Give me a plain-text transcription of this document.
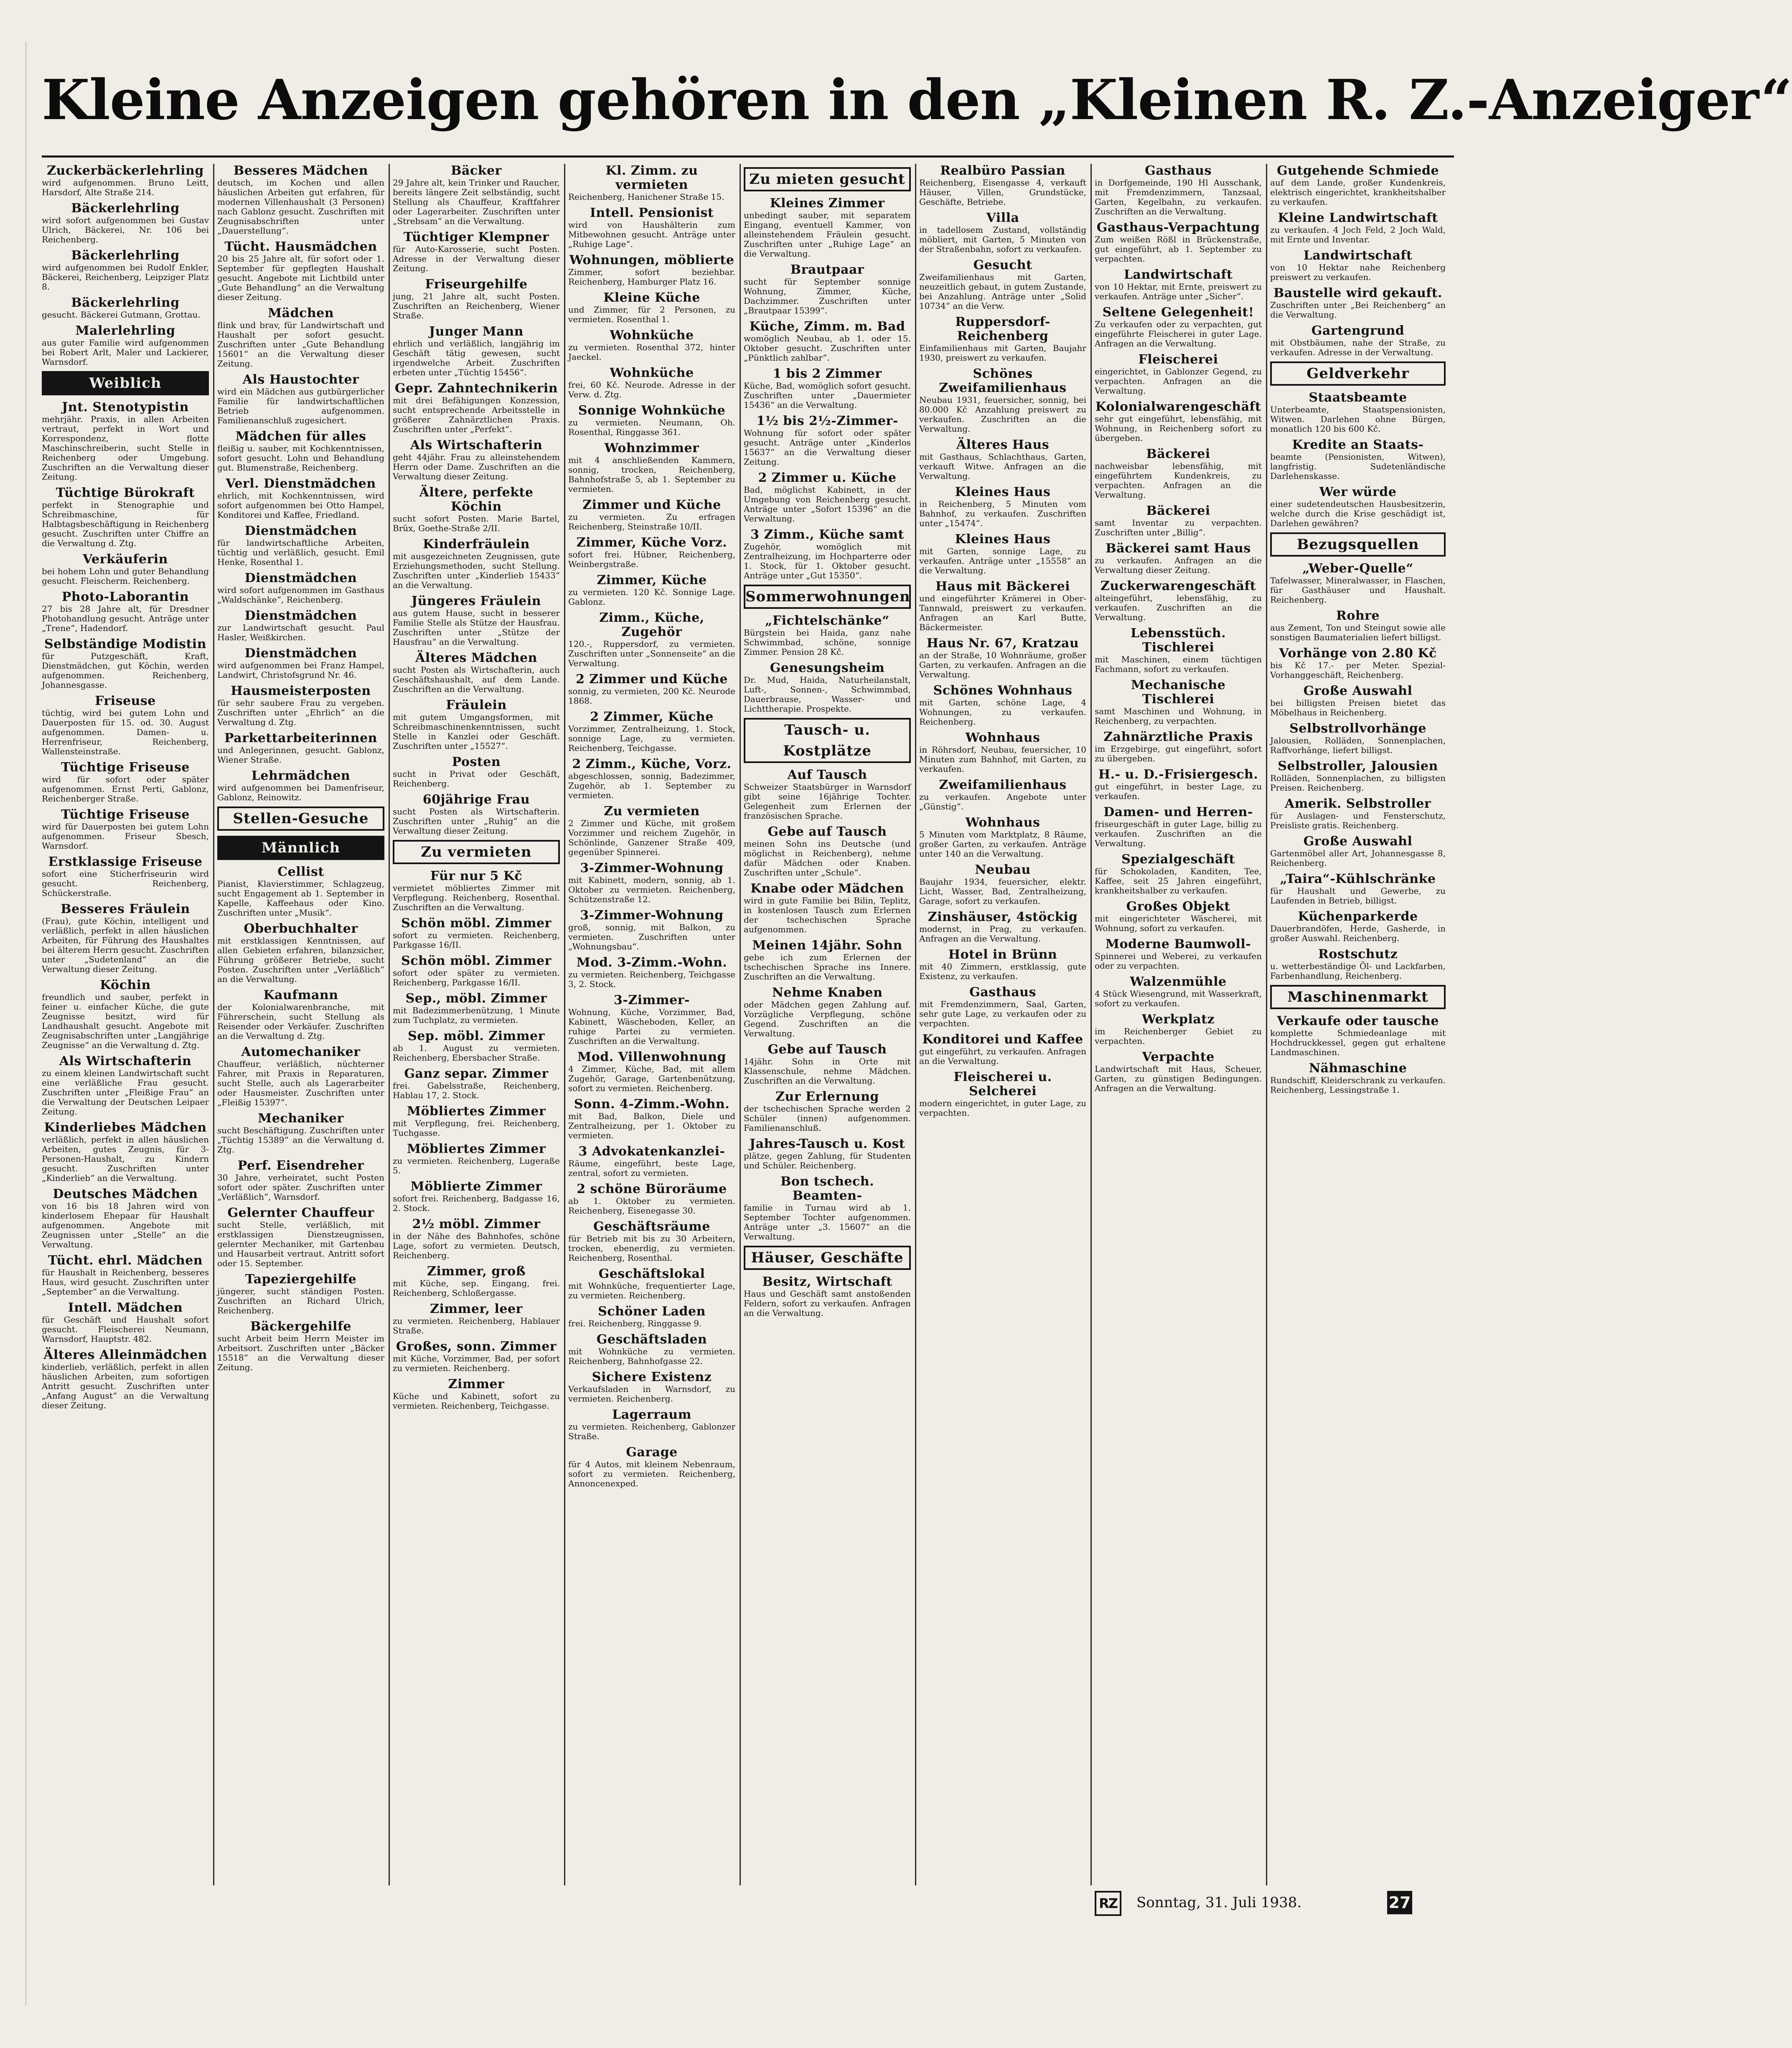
Kleine Anzeigen gehören in den „Kleinen R. Z.-Anzeiger“
Zuckerbäckerlehrling
wird aufgenommen. Bruno Leitt, Harsdorf, Alte Straße 214.
Bäckerlehrling
wird sofort aufgenommen bei Gustav Ulrich, Bäckerei, Nr. 106 bei Reichenberg.
Bäckerlehrling
wird aufgenommen bei Rudolf Enkler, Bäckerei, Reichenberg, Leipziger Platz 8.
Bäckerlehrling
gesucht. Bäckerei Gutmann, Grottau.
Malerlehrling
aus guter Familie wird aufgenommen bei Robert Arlt, Maler und Lackierer, Warnsdorf.
Weiblich
Jnt. Stenotypistin
mehrjähr. Praxis, in allen Arbeiten vertraut, perfekt in Wort und Korrespondenz, flotte Maschinschreiberin, sucht Stelle in Reichenberg oder Umgebung. Zuschriften an die Verwaltung dieser Zeitung.
Tüchtige Bürokraft
perfekt in Stenographie und Schreibmaschine, für Halbtagsbeschäftigung in Reichenberg gesucht. Zuschriften unter Chiffre an die Verwaltung d. Ztg.
Verkäuferin
bei hohem Lohn und guter Behandlung gesucht. Fleischerm. Reichenberg.
Photo-Laborantin
27 bis 28 Jahre alt, für Dresdner Photohandlung gesucht. Anträge unter „Trene“, Hadendorf.
Selbständige Modistin
für Putzgeschäft, Kraft, Dienstmädchen, gut Köchin, werden aufgenommen. Reichenberg, Johannesgasse.
Friseuse
tüchtig, wird bei gutem Lohn und Dauerposten für 15. od. 30. August aufgenommen. Damen- u. Herrenfriseur, Reichenberg, Wallensteinstraße.
Tüchtige Friseuse
wird für sofort oder später aufgenommen. Ernst Perti, Gablonz, Reichenberger Straße.
Tüchtige Friseuse
wird für Dauerposten bei gutem Lohn aufgenommen. Friseur Sbesch, Warnsdorf.
Erstklassige Friseuse
sofort eine Sticherfriseurin wird gesucht. Reichenberg, Schückerstraße.
Besseres Fräulein
(Frau), gute Köchin, intelligent und verläßlich, perfekt in allen häuslichen Arbeiten, für Führung des Haushaltes bei älterem Herrn gesucht. Zuschriften unter „Sudetenland“ an die Verwaltung dieser Zeitung.
Köchin
freundlich und sauber, perfekt in feiner u. einfacher Küche, die gute Zeugnisse besitzt, wird für Landhaushalt gesucht. Angebote mit Zeugnisabschriften unter „Langjährige Zeugnisse“ an die Verwaltung d. Ztg.
Als Wirtschafterin
zu einem kleinen Landwirtschaft sucht eine verläßliche Frau gesucht. Zuschriften unter „Fleißige Frau“ an die Verwaltung der Deutschen Leipaer Zeitung.
Kinderliebes Mädchen
verläßlich, perfekt in allen häuslichen Arbeiten, gutes Zeugnis, für 3-Personen-Haushalt, zu Kindern gesucht. Zuschriften unter „Kinderlieb“ an die Verwaltung.
Deutsches Mädchen
von 16 bis 18 Jahren wird von kinderlosem Ehepaar für Haushalt aufgenommen. Angebote mit Zeugnissen unter „Stelle“ an die Verwaltung.
Tücht. ehrl. Mädchen
für Haushalt in Reichenberg, besseres Haus, wird gesucht. Zuschriften unter „September“ an die Verwaltung.
Intell. Mädchen
für Geschäft und Haushalt sofort gesucht. Fleischerei Neumann, Warnsdorf, Hauptstr. 482.
Älteres Alleinmädchen
kinderlieb, verläßlich, perfekt in allen häuslichen Arbeiten, zum sofortigen Antritt gesucht. Zuschriften unter „Anfang August“ an die Verwaltung dieser Zeitung.
Besseres Mädchen
deutsch, im Kochen und allen häuslichen Arbeiten gut erfahren, für modernen Villenhaushalt (3 Personen) nach Gablonz gesucht. Zuschriften mit Zeugnisabschriften unter „Dauerstellung“.
Tücht. Hausmädchen
20 bis 25 Jahre alt, für sofort oder 1. September für gepflegten Haushalt gesucht. Angebote mit Lichtbild unter „Gute Behandlung“ an die Verwaltung dieser Zeitung.
Mädchen
flink und brav, für Landwirtschaft und Haushalt per sofort gesucht. Zuschriften unter „Gute Behandlung 15601“ an die Verwaltung dieser Zeitung.
Als Haustochter
wird ein Mädchen aus gutbürgerlicher Familie für landwirtschaftlichen Betrieb aufgenommen. Familienanschluß zugesichert.
Mädchen für alles
fleißig u. sauber, mit Kochkenntnissen, sofort gesucht. Lohn und Behandlung gut. Blumenstraße, Reichenberg.
Verl. Dienstmädchen
ehrlich, mit Kochkenntnissen, wird sofort aufgenommen bei Otto Hampel, Konditorei und Kaffee, Friedland.
Dienstmädchen
für landwirtschaftliche Arbeiten, tüchtig und verläßlich, gesucht. Emil Henke, Rosenthal 1.
Dienstmädchen
wird sofort aufgenommen im Gasthaus „Waldschänke“, Reichenberg.
Dienstmädchen
zur Landwirtschaft gesucht. Paul Hasler, Weißkirchen.
Dienstmädchen
wird aufgenommen bei Franz Hampel, Landwirt, Christofsgrund Nr. 46.
Hausmeisterposten
für sehr saubere Frau zu vergeben. Zuschriften unter „Ehrlich“ an die Verwaltung d. Ztg.
Parkettarbeiterinnen
und Anlegerinnen, gesucht. Gablonz, Wiener Straße.
Lehrmädchen
wird aufgenommen bei Damenfriseur, Gablonz, Reinowitz.
Stellen-Gesuche
Männlich
Cellist
Pianist, Klavierstimmer, Schlagzeug, sucht Engagement ab 1. September in Kapelle, Kaffeehaus oder Kino. Zuschriften unter „Musik“.
Oberbuchhalter
mit erstklassigen Kenntnissen, auf allen Gebieten erfahren, bilanzsicher, Führung größerer Betriebe, sucht Posten. Zuschriften unter „Verläßlich“ an die Verwaltung.
Kaufmann
der Kolonialwarenbranche, mit Führerschein, sucht Stellung als Reisender oder Verkäufer. Zuschriften an die Verwaltung d. Ztg.
Automechaniker
Chauffeur, verläßlich, nüchterner Fahrer, mit Praxis in Reparaturen, sucht Stelle, auch als Lagerarbeiter oder Hausmeister. Zuschriften unter „Fleißig 15397“.
Mechaniker
sucht Beschäftigung. Zuschriften unter „Tüchtig 15389“ an die Verwaltung d. Ztg.
Perf. Eisendreher
30 Jahre, verheiratet, sucht Posten sofort oder später. Zuschriften unter „Verläßlich“, Warnsdorf.
Gelernter Chauffeur
sucht Stelle, verläßlich, mit erstklassigen Dienstzeugnissen, gelernter Mechaniker, mit Gartenbau und Hausarbeit vertraut. Antritt sofort oder 15. September.
Tapeziergehilfe
jüngerer, sucht ständigen Posten. Zuschriften an Richard Ulrich, Reichenberg.
Bäckergehilfe
sucht Arbeit beim Herrn Meister im Arbeitsort. Zuschriften unter „Bäcker 15518“ an die Verwaltung dieser Zeitung.
Bäcker
29 Jahre alt, kein Trinker und Raucher, bereits längere Zeit selbständig, sucht Stellung als Chauffeur, Kraftfahrer oder Lagerarbeiter. Zuschriften unter „Strebsam“ an die Verwaltung.
Tüchtiger Klempner
für Auto-Karosserie, sucht Posten. Adresse in der Verwaltung dieser Zeitung.
Friseurgehilfe
jung, 21 Jahre alt, sucht Posten. Zuschriften an Reichenberg, Wiener Straße.
Junger Mann
ehrlich und verläßlich, langjährig im Geschäft tätig gewesen, sucht irgendwelche Arbeit. Zuschriften erbeten unter „Tüchtig 15456“.
Gepr. Zahntechnikerin
mit drei Befähigungen Konzession, sucht entsprechende Arbeitsstelle in größerer Zahnärztlichen Praxis. Zuschriften unter „Perfekt“.
Als Wirtschafterin
geht 44jähr. Frau zu alleinstehendem Herrn oder Dame. Zuschriften an die Verwaltung dieser Zeitung.
Ältere, perfekte Köchin
sucht sofort Posten. Marie Bartel, Brüx, Goethe-Straße 2/II.
Kinderfräulein
mit ausgezeichneten Zeugnissen, gute Erziehungsmethoden, sucht Stellung. Zuschriften unter „Kinderlieb 15433“ an die Verwaltung.
Jüngeres Fräulein
aus gutem Hause, sucht in besserer Familie Stelle als Stütze der Hausfrau. Zuschriften unter „Stütze der Hausfrau“ an die Verwaltung.
Älteres Mädchen
sucht Posten als Wirtschafterin, auch Geschäftshaushalt, auf dem Lande. Zuschriften an die Verwaltung.
Fräulein
mit gutem Umgangsformen, mit Schreibmaschinenkenntnissen, sucht Stelle in Kanzlei oder Geschäft. Zuschriften unter „15527“.
Posten
sucht in Privat oder Geschäft, Reichenberg.
60jährige Frau
sucht Posten als Wirtschafterin. Zuschriften unter „Ruhig“ an die Verwaltung dieser Zeitung.
Zu vermieten
Für nur 5 Kč
vermietet möbliertes Zimmer mit Verpflegung. Reichenberg, Rosenthal. Zuschriften an die Verwaltung.
Schön möbl. Zimmer
sofort zu vermieten. Reichenberg, Parkgasse 16/II.
Schön möbl. Zimmer
sofort oder später zu vermieten. Reichenberg, Parkgasse 16/II.
Sep., möbl. Zimmer
mit Badezimmerbenützung, 1 Minute zum Tuchplatz, zu vermieten.
Sep. möbl. Zimmer
ab 1. August zu vermieten. Reichenberg, Ebersbacher Straße.
Ganz separ. Zimmer
frei. Gabelsstraße, Reichenberg, Hablau 17, 2. Stock.
Möbliertes Zimmer
mit Verpflegung, frei. Reichenberg, Tuchgasse.
Möbliertes Zimmer
zu vermieten. Reichenberg, Lugeraße 5.
Möblierte Zimmer
sofort frei. Reichenberg, Badgasse 16, 2. Stock.
2½ möbl. Zimmer
in der Nähe des Bahnhofes, schöne Lage, sofort zu vermieten. Deutsch, Reichenberg.
Zimmer, groß
mit Küche, sep. Eingang, frei. Reichenberg, Schloßergasse.
Zimmer, leer
zu vermieten. Reichenberg, Hablauer Straße.
Großes, sonn. Zimmer
mit Küche, Vorzimmer, Bad, per sofort zu vermieten. Reichenberg.
Zimmer
Küche und Kabinett, sofort zu vermieten. Reichenberg, Teichgasse.
Kl. Zimm. zu vermieten
Reichenberg, Hanichener Straße 15.
Intell. Pensionist
wird von Haushälterin zum Mitbewohnen gesucht. Anträge unter „Ruhige Lage“.
Wohnungen, möblierte
Zimmer, sofort beziehbar. Reichenberg, Hamburger Platz 16.
Kleine Küche
und Zimmer, für 2 Personen, zu vermieten. Rosenthal 1.
Wohnküche
zu vermieten. Rosenthal 372, hinter Jaeckel.
Wohnküche
frei, 60 Kč. Neurode. Adresse in der Verw. d. Ztg.
Sonnige Wohnküche
zu vermieten. Neumann, Oh. Rosenthal, Ringgasse 361.
Wohnzimmer
mit 4 anschließenden Kammern, sonnig, trocken, Reichenberg, Bahnhofstraße 5, ab 1. September zu vermieten.
Zimmer und Küche
zu vermieten. Zu erfragen Reichenberg, Steinstraße 10/II.
Zimmer, Küche Vorz.
sofort frei. Hübner, Reichenberg, Weinbergstraße.
Zimmer, Küche
zu vermieten. 120 Kč. Sonnige Lage. Gablonz.
Zimm., Küche, Zugehör
120.-, Ruppersdorf, zu vermieten. Zuschriften unter „Sonnenseite“ an die Verwaltung.
2 Zimmer und Küche
sonnig, zu vermieten, 200 Kč. Neurode 1868.
2 Zimmer, Küche
Vorzimmer, Zentralheizung, 1. Stock, sonnige Lage, zu vermieten. Reichenberg, Teichgasse.
2 Zimm., Küche, Vorz.
abgeschlossen, sonnig, Badezimmer, Zugehör, ab 1. September zu vermieten.
Zu vermieten
2 Zimmer und Küche, mit großem Vorzimmer und reichem Zugehör, in Schönlinde, Ganzener Straße 409, gegenüber Spinnerei.
3-Zimmer-Wohnung
mit Kabinett, modern, sonnig, ab 1. Oktober zu vermieten. Reichenberg, Schützenstraße 12.
3-Zimmer-Wohnung
groß, sonnig, mit Balkon, zu vermieten. Zuschriften unter „Wohnungsbau“.
Mod. 3-Zimm.-Wohn.
zu vermieten. Reichenberg, Teichgasse 3, 2. Stock.
3-Zimmer-
Wohnung, Küche, Vorzimmer, Bad, Kabinett, Wäscheboden, Keller, an ruhige Partei zu vermieten. Zuschriften an die Verwaltung.
Mod. Villenwohnung
4 Zimmer, Küche, Bad, mit allem Zugehör, Garage, Gartenbenützung, sofort zu vermieten. Reichenberg.
Sonn. 4-Zimm.-Wohn.
mit Bad, Balkon, Diele und Zentralheizung, per 1. Oktober zu vermieten.
3 Advokatenkanzlei-
Räume, eingeführt, beste Lage, zentral, sofort zu vermieten.
2 schöne Büroräume
ab 1. Oktober zu vermieten. Reichenberg, Eisenegasse 30.
Geschäftsräume
für Betrieb mit bis zu 30 Arbeitern, trocken, ebenerdig, zu vermieten. Reichenberg, Rosenthal.
Geschäftslokal
mit Wohnküche, frequentierter Lage, zu vermieten. Reichenberg.
Schöner Laden
frei. Reichenberg, Ringgasse 9.
Geschäftsladen
mit Wohnküche zu vermieten. Reichenberg, Bahnhofgasse 22.
Sichere Existenz
Verkaufsladen in Warnsdorf, zu vermieten. Reichenberg.
Lagerraum
zu vermieten. Reichenberg, Gablonzer Straße.
Garage
für 4 Autos, mit kleinem Nebenraum, sofort zu vermieten. Reichenberg, Annoncenexped.
Zu mieten gesucht
Kleines Zimmer
unbedingt sauber, mit separatem Eingang, eventuell Kammer, von alleinstehendem Fräulein gesucht. Zuschriften unter „Ruhige Lage“ an die Verwaltung.
Brautpaar
sucht für September sonnige Wohnung, Zimmer, Küche, Dachzimmer. Zuschriften unter „Brautpaar 15399“.
Küche, Zimm. m. Bad
womöglich Neubau, ab 1. oder 15. Oktober gesucht. Zuschriften unter „Pünktlich zahlbar“.
1 bis 2 Zimmer
Küche, Bad, womöglich sofort gesucht. Zuschriften unter „Dauermieter 15436“ an die Verwaltung.
1½ bis 2½-Zimmer-
Wohnung für sofort oder später gesucht. Anträge unter „Kinderlos 15637“ an die Verwaltung dieser Zeitung.
2 Zimmer u. Küche
Bad, möglichst Kabinett, in der Umgebung von Reichenberg gesucht. Anträge unter „Sofort 15396“ an die Verwaltung.
3 Zimm., Küche samt
Zugehör, womöglich mit Zentralheizung, im Hochparterre oder 1. Stock, für 1. Oktober gesucht. Anträge unter „Gut 15350“.
Sommerwohnungen
„Fichtelschänke“
Bürgstein bei Haida, ganz nahe Schwimmbad, schöne, sonnige Zimmer. Pension 28 Kč.
Genesungsheim
Dr. Mud, Haida, Naturheilanstalt, Luft-, Sonnen-, Schwimmbad, Dauerbrause, Wasser- und Lichttherapie. Prospekte.
Tausch- u. Kostplätze
Auf Tausch
Schweizer Staatsbürger in Warnsdorf gibt seine 16jährige Tochter. Gelegenheit zum Erlernen der französischen Sprache.
Gebe auf Tausch
meinen Sohn ins Deutsche (und möglichst in Reichenberg), nehme dafür Mädchen oder Knaben. Zuschriften unter „Schule“.
Knabe oder Mädchen
wird in gute Familie bei Bilin, Teplitz, in kostenlosen Tausch zum Erlernen der tschechischen Sprache aufgenommen.
Meinen 14jähr. Sohn
gebe ich zum Erlernen der tschechischen Sprache ins Innere. Zuschriften an die Verwaltung.
Nehme Knaben
oder Mädchen gegen Zahlung auf. Vorzügliche Verpflegung, schöne Gegend. Zuschriften an die Verwaltung.
Gebe auf Tausch
14jähr. Sohn in Orte mit Klassenschule, nehme Mädchen. Zuschriften an die Verwaltung.
Zur Erlernung
der tschechischen Sprache werden 2 Schüler (innen) aufgenommen. Familienanschluß.
Jahres-Tausch u. Kost
plätze, gegen Zahlung, für Studenten und Schüler. Reichenberg.
Bon tschech. Beamten-
familie in Turnau wird ab 1. September Tochter aufgenommen. Anträge unter „3. 15607“ an die Verwaltung.
Häuser, Geschäfte
Besitz, Wirtschaft
Haus und Geschäft samt anstoßenden Feldern, sofort zu verkaufen. Anfragen an die Verwaltung.
Realbüro Passian
Reichenberg, Eisengasse 4, verkauft Häuser, Villen, Grundstücke, Geschäfte, Betriebe.
Villa
in tadellosem Zustand, vollständig möbliert, mit Garten, 5 Minuten von der Straßenbahn, sofort zu verkaufen.
Gesucht
Zweifamilienhaus mit Garten, neuzeitlich gebaut, in gutem Zustande, bei Anzahlung. Anträge unter „Solid 10734“ an die Verw.
Ruppersdorf-Reichenberg
Einfamilienhaus mit Garten, Baujahr 1930, preiswert zu verkaufen.
Schönes Zweifamilienhaus
Neubau 1931, feuersicher, sonnig, bei 80.000 Kč Anzahlung preiswert zu verkaufen. Zuschriften an die Verwaltung.
Älteres Haus
mit Gasthaus, Schlachthaus, Garten, verkauft Witwe. Anfragen an die Verwaltung.
Kleines Haus
in Reichenberg, 5 Minuten vom Bahnhof, zu verkaufen. Zuschriften unter „15474“.
Kleines Haus
mit Garten, sonnige Lage, zu verkaufen. Anträge unter „15558“ an die Verwaltung.
Haus mit Bäckerei
und eingeführter Krämerei in Ober-Tannwald, preiswert zu verkaufen. Anfragen an Karl Butte, Bäckermeister.
Haus Nr. 67, Kratzau
an der Straße, 10 Wohnräume, großer Garten, zu verkaufen. Anfragen an die Verwaltung.
Schönes Wohnhaus
mit Garten, schöne Lage, 4 Wohnungen, zu verkaufen. Reichenberg.
Wohnhaus
in Röhrsdorf, Neubau, feuersicher, 10 Minuten zum Bahnhof, mit Garten, zu verkaufen.
Zweifamilienhaus
zu verkaufen. Angebote unter „Günstig“.
Wohnhaus
5 Minuten vom Marktplatz, 8 Räume, großer Garten, zu verkaufen. Anträge unter 140 an die Verwaltung.
Neubau
Baujahr 1934, feuersicher, elektr. Licht, Wasser, Bad, Zentralheizung, Garage, sofort zu verkaufen.
Zinshäuser, 4stöckig
modernst, in Prag, zu verkaufen. Anfragen an die Verwaltung.
Hotel in Brünn
mit 40 Zimmern, erstklassig, gute Existenz, zu verkaufen.
Gasthaus
mit Fremdenzimmern, Saal, Garten, sehr gute Lage, zu verkaufen oder zu verpachten.
Konditorei und Kaffee
gut eingeführt, zu verkaufen. Anfragen an die Verwaltung.
Fleischerei u. Selcherei
modern eingerichtet, in guter Lage, zu verpachten.
Gasthaus
in Dorfgemeinde, 190 Hl Ausschank, mit Fremdenzimmern, Tanzsaal, Garten, Kegelbahn, zu verkaufen. Zuschriften an die Verwaltung.
Gasthaus-Verpachtung
Zum weißen Rößl in Brückenstraße, gut eingeführt, ab 1. September zu verpachten.
Landwirtschaft
von 10 Hektar, mit Ernte, preiswert zu verkaufen. Anträge unter „Sicher“.
Seltene Gelegenheit!
Zu verkaufen oder zu verpachten, gut eingeführte Fleischerei in guter Lage. Anfragen an die Verwaltung.
Fleischerei
eingerichtet, in Gablonzer Gegend, zu verpachten. Anfragen an die Verwaltung.
Kolonialwarengeschäft
sehr gut eingeführt, lebensfähig, mit Wohnung, in Reichenberg sofort zu übergeben.
Bäckerei
nachweisbar lebensfähig, mit eingeführtem Kundenkreis, zu verpachten. Anfragen an die Verwaltung.
Bäckerei
samt Inventar zu verpachten. Zuschriften unter „Billig“.
Bäckerei samt Haus
zu verkaufen. Anfragen an die Verwaltung dieser Zeitung.
Zuckerwarengeschäft
alteingeführt, lebensfähig, zu verkaufen. Zuschriften an die Verwaltung.
Lebensstüch. Tischlerei
mit Maschinen, einem tüchtigen Fachmann, sofort zu verkaufen.
Mechanische Tischlerei
samt Maschinen und Wohnung, in Reichenberg, zu verpachten.
Zahnärztliche Praxis
im Erzgebirge, gut eingeführt, sofort zu übergeben.
H.- u. D.-Frisiergesch.
gut eingeführt, in bester Lage, zu verkaufen.
Damen- und Herren-
friseurgeschäft in guter Lage, billig zu verkaufen. Zuschriften an die Verwaltung.
Spezialgeschäft
für Schokoladen, Kanditen, Tee, Kaffee, seit 25 Jahren eingeführt, krankheitshalber zu verkaufen.
Großes Objekt
mit eingerichteter Wäscherei, mit Wohnung, sofort zu verkaufen.
Moderne Baumwoll-
Spinnerei und Weberei, zu verkaufen oder zu verpachten.
Walzenmühle
4 Stück Wiesengrund, mit Wasserkraft, sofort zu verkaufen.
Werkplatz
im Reichenberger Gebiet zu verpachten.
Verpachte
Landwirtschaft mit Haus, Scheuer, Garten, zu günstigen Bedingungen. Anfragen an die Verwaltung.
Gutgehende Schmiede
auf dem Lande, großer Kundenkreis, elektrisch eingerichtet, krankheitshalber zu verkaufen.
Kleine Landwirtschaft
zu verkaufen. 4 Joch Feld, 2 Joch Wald, mit Ernte und Inventar.
Landwirtschaft
von 10 Hektar nahe Reichenberg preiswert zu verkaufen.
Baustelle wird gekauft.
Zuschriften unter „Bei Reichenberg“ an die Verwaltung.
Gartengrund
mit Obstbäumen, nahe der Straße, zu verkaufen. Adresse in der Verwaltung.
Geldverkehr
Staatsbeamte
Unterbeamte, Staatspensionisten, Witwen. Darlehen ohne Bürgen, monatlich 120 bis 600 Kč.
Kredite an Staats-
beamte (Pensionisten, Witwen), langfristig. Sudetenländische Darlehenskasse.
Wer würde
einer sudetendeutschen Hausbesitzerin, welche durch die Krise geschädigt ist, Darlehen gewähren?
Bezugsquellen
„Weber-Quelle“
Tafelwasser, Mineralwasser, in Flaschen, für Gasthäuser und Haushalt. Reichenberg.
Rohre
aus Zement, Ton und Steingut sowie alle sonstigen Baumaterialien liefert billigst.
Vorhänge von 2.80 Kč
bis Kč 17.- per Meter. Spezial-Vorhanggeschäft, Reichenberg.
Große Auswahl
bei billigsten Preisen bietet das Möbelhaus in Reichenberg.
Selbstrollvorhänge
Jalousien, Rolläden, Sonnenplachen, Raffvorhänge, liefert billigst.
Selbstroller, Jalousien
Rolläden, Sonnenplachen, zu billigsten Preisen. Reichenberg.
Amerik. Selbstroller
für Auslagen- und Fensterschutz, Preisliste gratis. Reichenberg.
Große Auswahl
Gartenmöbel aller Art, Johannesgasse 8, Reichenberg.
„Taira“-Kühlschränke
für Haushalt und Gewerbe, zu Laufenden in Betrieb, billigst.
Küchenparkerde
Dauerbrandöfen, Herde, Gasherde, in großer Auswahl. Reichenberg.
Rostschutz
u. wetterbeständige Öl- und Lackfarben, Farbenhandlung, Reichenberg.
Maschinenmarkt
Verkaufe oder tausche
komplette Schmiedeanlage mit Hochdruckkessel, gegen gut erhaltene Landmaschinen.
Nähmaschine
Rundschiff, Kleiderschrank zu verkaufen. Reichenberg, Lessingstraße 1.
RZ Sonntag, 31. Juli 1938.	27
